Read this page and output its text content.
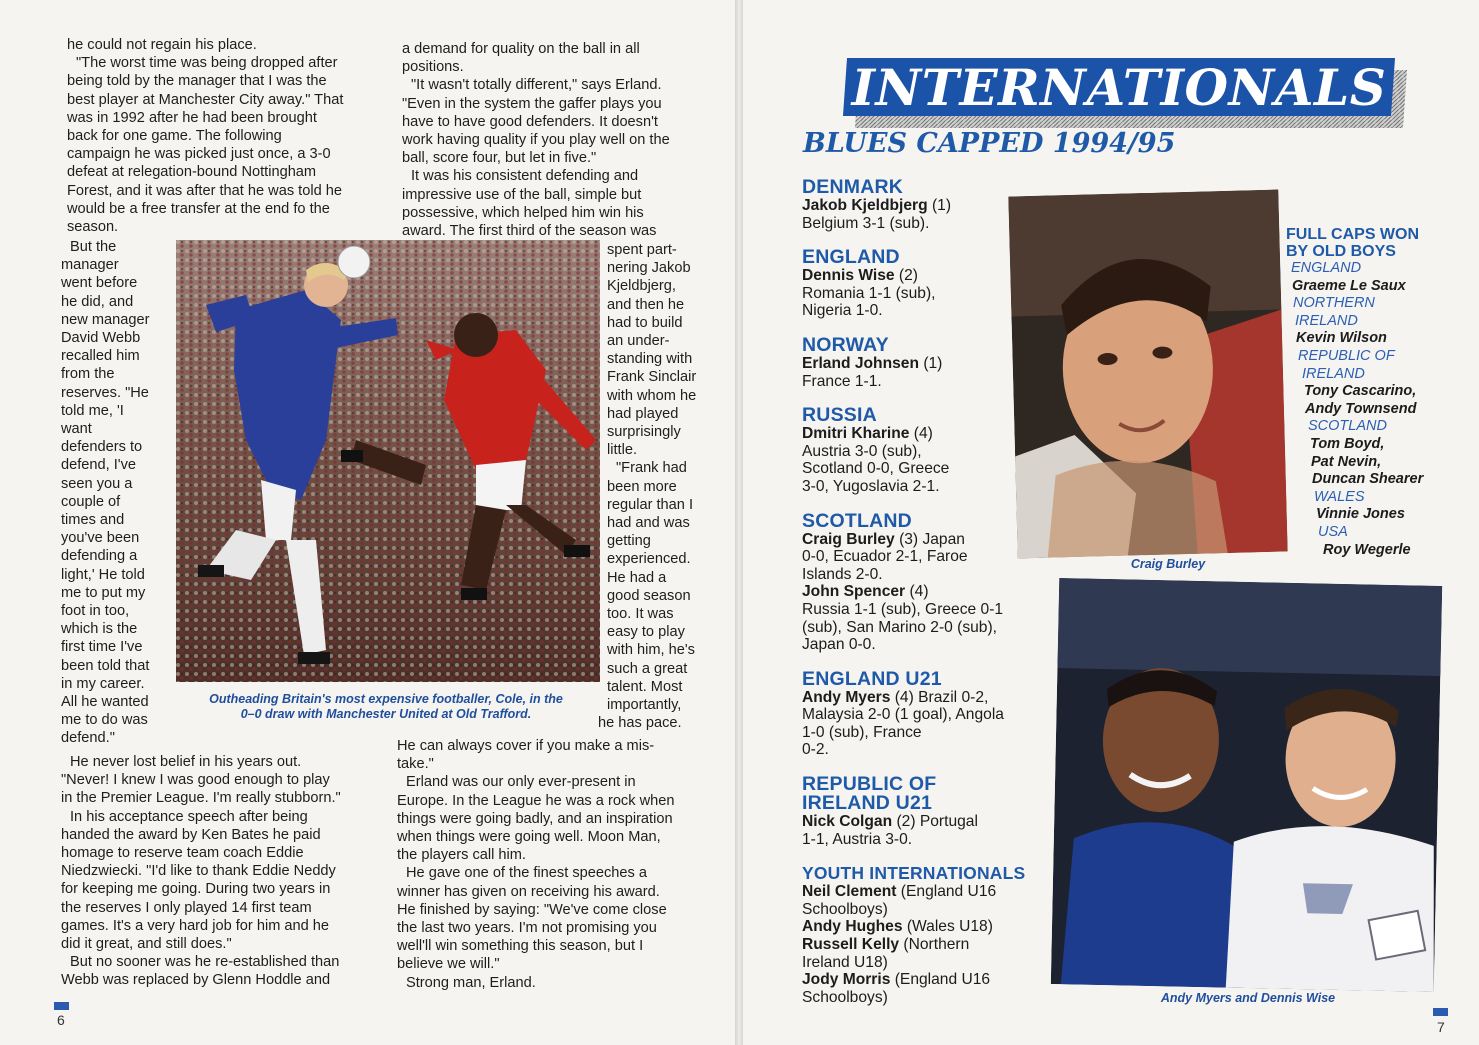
he could not regain his place.

"The worst time was being dropped after

being told by the manager that I was the

best player at Manchester City away." That

was in 1992 after he had been brought

back for one game. The following

campaign he was picked just once, a 3-0

defeat at relegation-bound Nottingham

Forest, and it was after that he was told he

would be a free transfer at the end fo the

season.

But the

manager

went before

he did, and

new manager

David Webb

recalled him

from the

reserves. "He

told me, 'I

want

defenders to

defend, I've

seen you a

couple of

times and

you've been

defending a

light,' He told

me to put my

foot in too,

which is the

first time I've

been told that

in my career.

All he wanted

me to do was

defend."

He never lost belief in his years out.

"Never! I knew I was good enough to play

in the Premier League. I'm really stubborn."

In his acceptance speech after being

handed the award by Ken Bates he paid

homage to reserve team coach Eddie

Niedzwiecki. "I'd like to thank Eddie Neddy

for keeping me going. During two years in

the reserves I only played 14 first team

games. It's a very hard job for him and he

did it great, and still does."

But no sooner was he re-established than

Webb was replaced by Glenn Hoddle and

a demand for quality on the ball in all

positions.

"It wasn't totally different," says Erland.

"Even in the system the gaffer plays you

have to have good defenders. It doesn't

work having quality if you play well on the

ball, score four, but let in five."

It was his consistent defending and

impressive use of the ball, simple but

possessive, which helped him win his

award. The first third of the season was

spent part-

nering Jakob

Kjeldbjerg,

and then he

had to build

an under-

standing with

Frank Sinclair

with whom he

had played

surprisingly

little.

"Frank had

been more

regular than I

had and was

getting

experienced.

He had a

good season

too. It was

easy to play

with him, he's

such a great

talent. Most

importantly,

he has pace.

He can always cover if you make a mis-

take."

Erland was our only ever-present in

Europe. In the League he was a rock when

things were going badly, and an inspiration

when things were going well. Moon Man,

the players call him.

He gave one of the finest speeches a

winner has given on receiving his award.

He finished by saying: "We've come close

the last two years. I'm not promising you

well'll win something this season, but I

believe we will."

Strong man, Erland.

Outheading Britain's most expensive footballer, Cole, in the
0–0 draw with Manchester United at Old Trafford.
6
INTERNATIONALS
BLUES CAPPED 1994/95
DENMARK
Jakob Kjeldbjerg (1)
Belgium 3-1 (sub).
ENGLAND
Dennis Wise (2)
Romania 1-1 (sub),
Nigeria 1-0.
NORWAY
Erland Johnsen (1)
France 1-1.
RUSSIA
Dmitri Kharine (4)
Austria 3-0 (sub),
Scotland 0-0, Greece
3-0, Yugoslavia 2-1.
SCOTLAND
Craig Burley (3) Japan
0-0, Ecuador 2-1, Faroe
Islands 2-0.
John Spencer (4)
Russia 1-1 (sub), Greece 0-1
(sub), San Marino 2-0 (sub),
Japan 0-0.
ENGLAND U21
Andy Myers (4) Brazil 0-2,
Malaysia 2-0 (1 goal), Angola
1-0 (sub), France
0-2.
REPUBLIC OF IRELAND U21
Nick Colgan (2) Portugal
1-1, Austria 3-0.
YOUTH INTERNATIONALS
Neil Clement (England U16
Schoolboys)
Andy Hughes (Wales U18)
Russell Kelly (Northern
Ireland U18)
Jody Morris (England U16
Schoolboys)
Craig Burley
FULL CAPS WON
BY OLD BOYS
ENGLAND
Graeme Le Saux
NORTHERN
IRELAND
Kevin Wilson
REPUBLIC OF
IRELAND
Tony Cascarino,
Andy Townsend
SCOTLAND
Tom Boyd,
Pat Nevin,
Duncan Shearer
WALES
Vinnie Jones
USA
Roy Wegerle
Andy Myers and Dennis Wise
7
